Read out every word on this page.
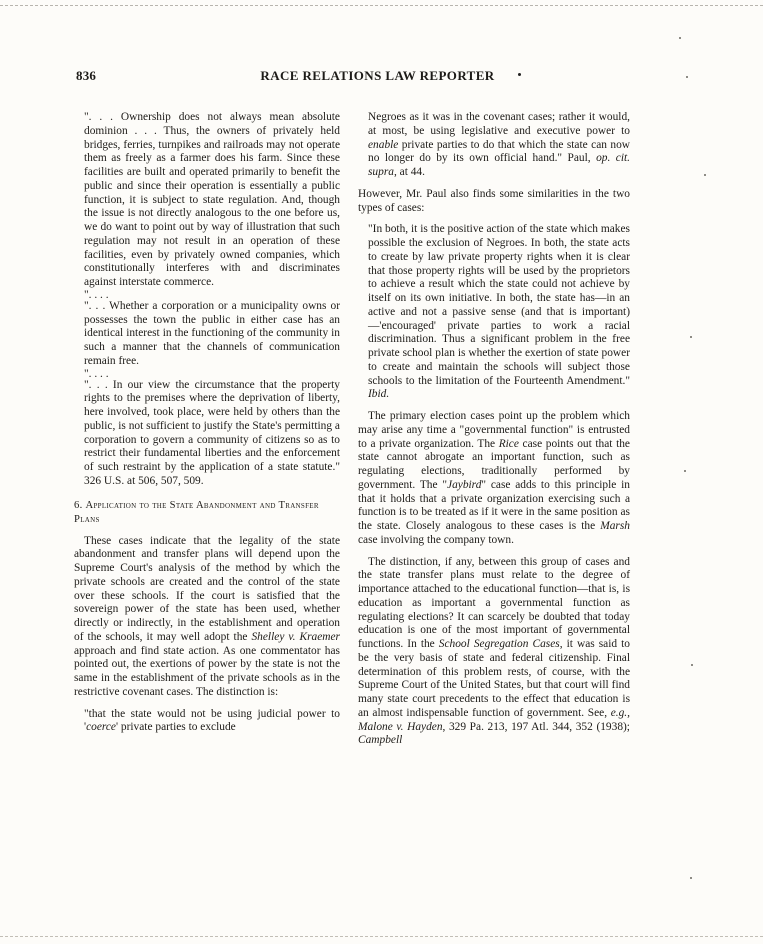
836	RACE RELATIONS LAW REPORTER

". . . Ownership does not always mean absolute dominion . . . Thus, the owners of privately held bridges, ferries, turnpikes and railroads may not operate them as freely as a farmer does his farm. Since these facilities are built and operated primarily to benefit the public and since their operation is essentially a public function, it is subject to state regulation. And, though the issue is not directly analogous to the one before us, we do want to point out by way of illustration that such regulation may not result in an operation of these facilities, even by privately owned companies, which constitutionally interferes with and discriminates against interstate commerce.

". . . .

". . . Whether a corporation or a municipality owns or possesses the town the public in either case has an identical interest in the functioning of the community in such a manner that the channels of communication remain free.

". . . .

". . . In our view the circumstance that the property rights to the premises where the deprivation of liberty, here involved, took place, were held by others than the public, is not sufficient to justify the State's permitting a corporation to govern a community of citizens so as to restrict their fundamental liberties and the enforcement of such restraint by the application of a state statute." 326 U.S. at 506, 507, 509.

6. Application to the State Abandonment and Transfer Plans

These cases indicate that the legality of the state abandonment and transfer plans will depend upon the Supreme Court's analysis of the method by which the private schools are created and the control of the state over these schools. If the court is satisfied that the sovereign power of the state has been used, whether directly or indirectly, in the establishment and operation of the schools, it may well adopt the Shelley v. Kraemer approach and find state action. As one commentator has pointed out, the exertions of power by the state is not the same in the establishment of the private schools as in the restrictive covenant cases. The distinction is:

"that the state would not be using judicial power to 'coerce' private parties to exclude

Negroes as it was in the covenant cases; rather it would, at most, be using legislative and executive power to enable private parties to do that which the state can now no longer do by its own official hand." Paul, op. cit. supra, at 44.

However, Mr. Paul also finds some similarities in the two types of cases:

"In both, it is the positive action of the state which makes possible the exclusion of Negroes. In both, the state acts to create by law private property rights when it is clear that those property rights will be used by the proprietors to achieve a result which the state could not achieve by itself on its own initiative. In both, the state has—in an active and not a passive sense (and that is important)—'encouraged' private parties to work a racial discrimination. Thus a significant problem in the free private school plan is whether the exertion of state power to create and maintain the schools will subject those schools to the limitation of the Fourteenth Amendment." Ibid.

The primary election cases point up the problem which may arise any time a "governmental function" is entrusted to a private organization. The Rice case points out that the state cannot abrogate an important function, such as regulating elections, traditionally performed by government. The "Jaybird" case adds to this principle in that it holds that a private organization exercising such a function is to be treated as if it were in the same position as the state. Closely analogous to these cases is the Marsh case involving the company town.

The distinction, if any, between this group of cases and the state transfer plans must relate to the degree of importance attached to the educational function—that is, is education as important a governmental function as regulating elections? It can scarcely be doubted that today education is one of the most important of governmental functions. In the School Segregation Cases, it was said to be the very basis of state and federal citizenship. Final determination of this problem rests, of course, with the Supreme Court of the United States, but that court will find many state court precedents to the effect that education is an almost indispensable function of government. See, e.g., Malone v. Hayden, 329 Pa. 213, 197 Atl. 344, 352 (1938); Campbell
